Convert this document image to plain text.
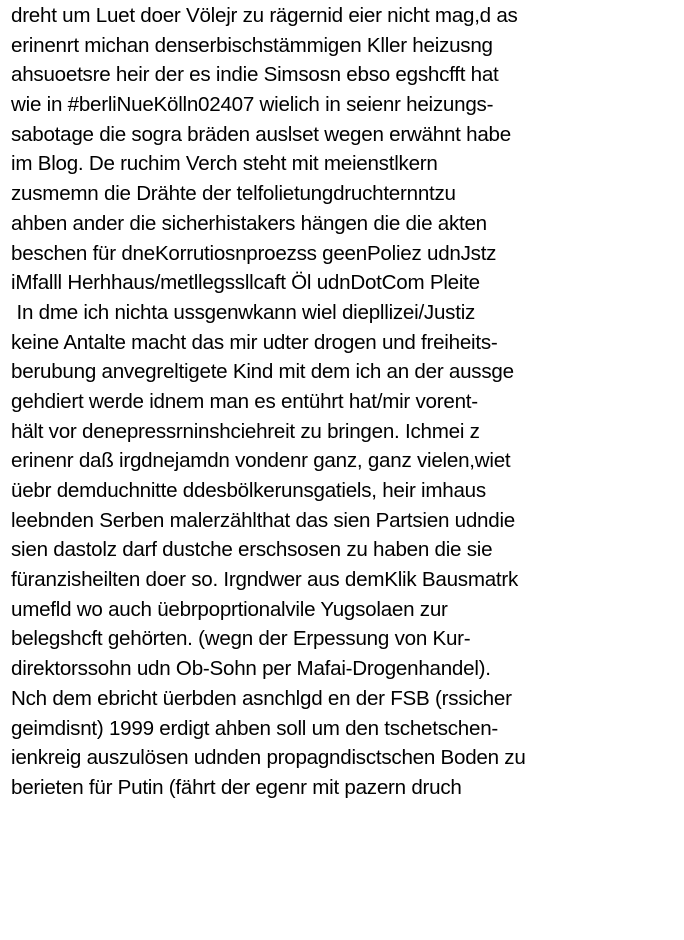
dreht um Luet doer Völejr zu rägernid eier nicht mag,d as
erinenrt michan denserbischstämmigen Kller heizusng
ahsuoetsre heir der es indie Simsosn ebso egshcfft hat
wie in #berliNueKölln02407 wielich in seienr heizungs-
sabotage die sogra bräden auslset wegen erwähnt habe
im Blog. De ruchim Verch steht mit meienstlkern
zusmemn die Drähte der telfolietungdruchternntzu
ahben ander die sicherhistakers hängen die die akten
beschen für dneKorrutiosnproezss geenPoliez udnJstz
iMfalll Herhhaus/metllegssllcaft Öl udnDotCom Pleite
In dme ich nichta ussgenwkann wiel diepllizei/Justiz
keine Antalte macht das mir udter drogen und freiheits-
berubung anvegreltigete Kind mit dem ich an der aussge
gehdiert werde idnem man es entührt hat/mir vorent-
hält vor denepressrninshciehreit zu bringen. Ichmei z
erinenr daß irgdnejamdn vondenr ganz, ganz vielen,wiet
üebr demduchnitte ddesbölkerunsgatiels, heir imhaus
leebnden Serben malerzählthat das sien Partsien udndie
sien dastolz darf dustche erschsosen zu haben die sie
füranzisheilten doer so. Irgndwer aus demKlik Bausmatrk
umefld wo auch üebrpoprtionalvile Yugsolaen zur
belegshcft gehörten. (wegn der Erpessung von Kur-
direktorssohn udn Ob-Sohn per Mafai-Drogenhandel).
Nch dem ebricht üerbden asnchlgd en der FSB (rssicher
geimdisnt) 1999 erdigt ahben soll um den tschetschen-
ienkreig auszulösen udnden propagndisctschen Boden zu
berieten für Putin (fährt der egenr mit pazern druch
